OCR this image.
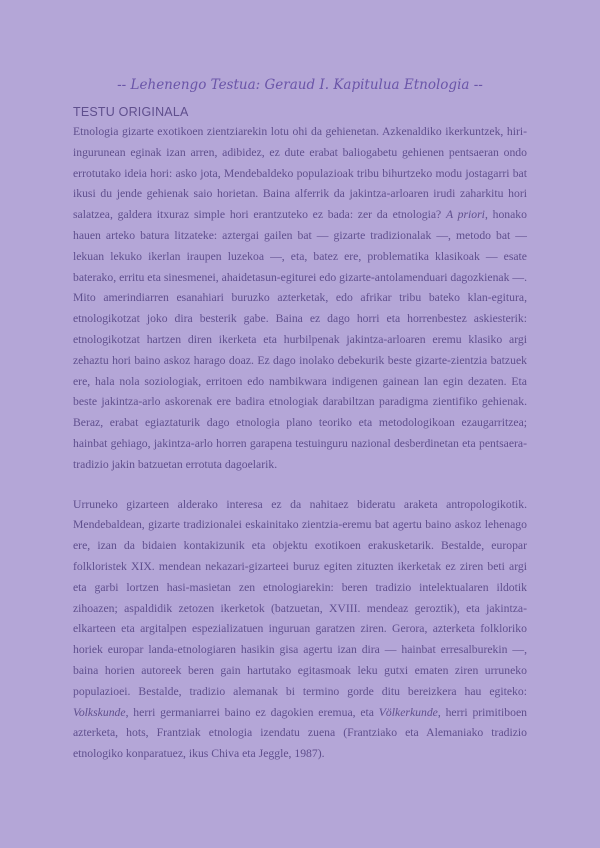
-- Lehenengo Testua: Geraud I. Kapitulua Etnologia --
TESTU ORIGINALA

Etnologia gizarte exotikoen zientziarekin lotu ohi da gehienetan. Azkenaldiko ikerkuntzek, hiri-ingurunean eginak izan arren, adibidez, ez dute erabat baliogabetu gehienen pentsaeran ondo errotutako ideia hori: asko jota, Mendebaldeko populazioak tribu bihurtzeko modu jostagarri bat ikusi du jende gehienak saio horietan. Baina alferrik da jakintza-arloaren irudi zaharkitu hori salatzea, galdera itxuraz simple hori erantzuteko ez bada: zer da etnologia? A priori, honako hauen arteko batura litzateke: aztergai gailen bat — gizarte tradizionalak —, metodo bat — lekuan lekuko ikerlan iraupen luzekoa —, eta, batez ere, problematika klasikoak — esate baterako, erritu eta sinesmenei, ahaidetasun-egiturei edo gizarte-antolamenduari dagozkienak —. Mito amerindiarren esanahiari buruzko azterketak, edo afrikar tribu bateko klan-egitura, etnologikotzat joko dira besterik gabe. Baina ez dago horri eta horrenbestez askiesterik: etnologikotzat hartzen diren ikerketa eta hurbilpenak jakintza-arloaren eremu klasiko argi zehaztu hori baino askoz harago doaz. Ez dago inolako debekurik beste gizarte-zientzia batzuek ere, hala nola soziologiak, erritoen edo nambikwara indigenen gainean lan egin dezaten. Eta beste jakintza-arlo askorenak ere badira etnologiak darabiltzan paradigma zientifiko gehienak. Beraz, erabat egiaztaturik dago etnologia plano teoriko eta metodologikoan ezaugarritzea; hainbat gehiago, jakintza-arlo horren garapena testuinguru nazional desberdinetan eta pentsaera-tradizio jakin batzuetan errotuta dagoelarik.

Urruneko gizarteen alderako interesa ez da nahitaez bideratu araketa antropologikotik. Mendebaldean, gizarte tradizionalei eskainitako zientzia-eremu bat agertu baino askoz lehenago ere, izan da bidaien kontakizunik eta objektu exotikoen erakusketarik. Bestalde, europar folkloristek XIX. mendean nekazari-gizarteei buruz egiten zituzten ikerketak ez ziren beti argi eta garbi lortzen hasi-masietan zen etnologiarekin: beren tradizio intelektualaren ildotik zihoazen; aspaldidik zetozen ikerketok (batzuetan, XVIII. mendeaz geroztik), eta jakintza-elkarteen eta argitalpen espezializatuen inguruan garatzen ziren. Gerora, azterketa folkloriko horiek europar landa-etnologiaren hasikin gisa agertu izan dira — hainbat erresalburekin —, baina horien autoreek beren gain hartutako egitasmoak leku gutxi ematen ziren urruneko populazioei. Bestalde, tradizio alemanak bi termino gorde ditu bereizkera hau egiteko: Volkskunde, herri germaniarrei baino ez dagokien eremua, eta Völkerkunde, herri primitiboen azterketa, hots, Frantziak etnologia izendatu zuena (Frantziako eta Alemaniako tradizio etnologiko konparatuez, ikus Chiva eta Jeggle, 1987).
